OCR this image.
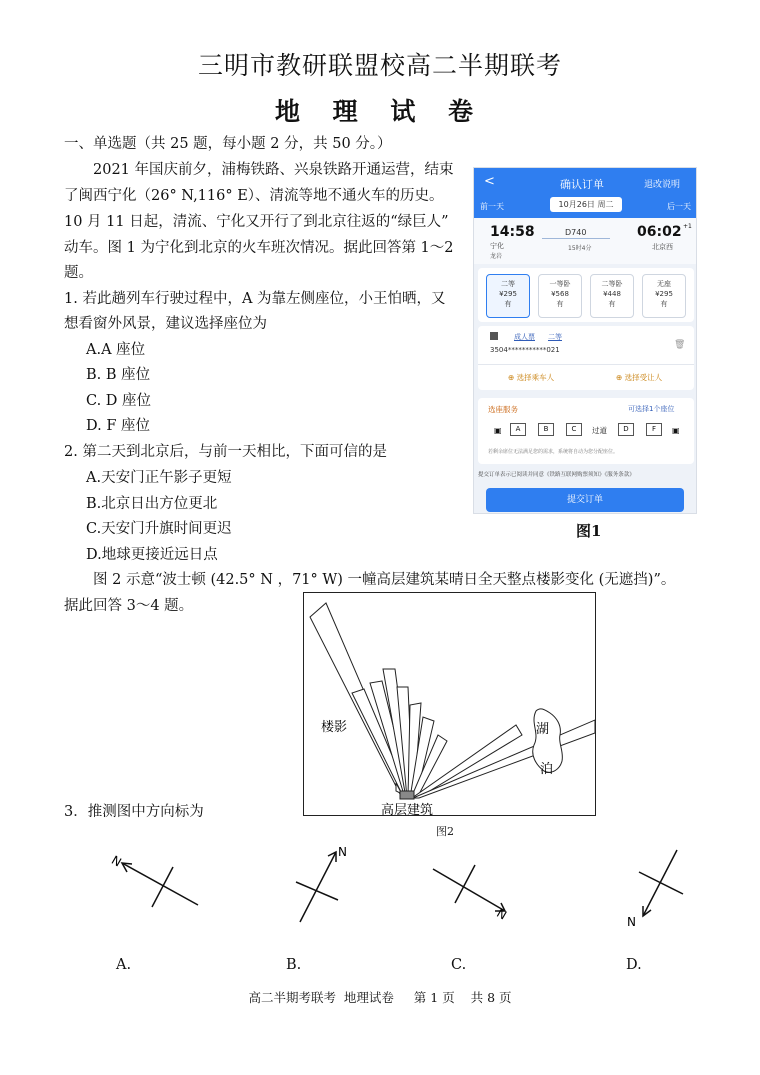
三明市教研联盟校高二半期联考
地 理 试 卷
一、单选题（共 25 题，每小题 2 分，共 50 分。）
2021 年国庆前夕，浦梅铁路、兴泉铁路开通运营，结束
了闽西宁化（26° N,116° E）、清流等地不通火车的历史。
10 月 11 日起，清流、宁化又开行了到北京往返的“绿巨人”
动车。图 1 为宁化到北京的火车班次情况。据此回答第 1～2
题。
1. 若此趟列车行驶过程中，A 为靠左侧座位，小王怕晒，又
想看窗外风景，建议选择座位为
A.A 座位
B. B 座位
C. D 座位
D. F 座位
2. 第二天到北京后，与前一天相比，下面可信的是
A.天安门正午影子更短
B.北京日出方位更北
C.天安门升旗时间更迟
D.地球更接近远日点
<	确认订单	退改说明
前一天	10月26日 周二	后一天
14:58
宁化
龙岩
D740
15时4分
06:02 +1
北京西
二等
¥295
有
一等卧
¥568
有
二等卧
¥448
有
无座
¥295
有
成人票 二等
3504***********021	🗑
⊕ 选择乘车人	⊕ 选择受让人
选座服务	可选择1个座位
▣	A	B	C	过道	D	F	▣
若剩余席位无法满足您的需求，系统将自动为您分配座位。
提交订单表示已阅读并同意《铁路互联网购票须知》《服务条款》
提交订单
图1
图 2 示意“波士顿 (42.5° N ，71° W) 一幢高层建筑某晴日全天整点楼影变化 (无遮挡)”。
据此回答 3～4 题。
楼影	湖
泊
高层建筑
图2
3．推测图中方向标为
N
N
N	N
A.	B.	C.	D.
高二半期考联考  地理试卷     第 1 页    共 8 页
